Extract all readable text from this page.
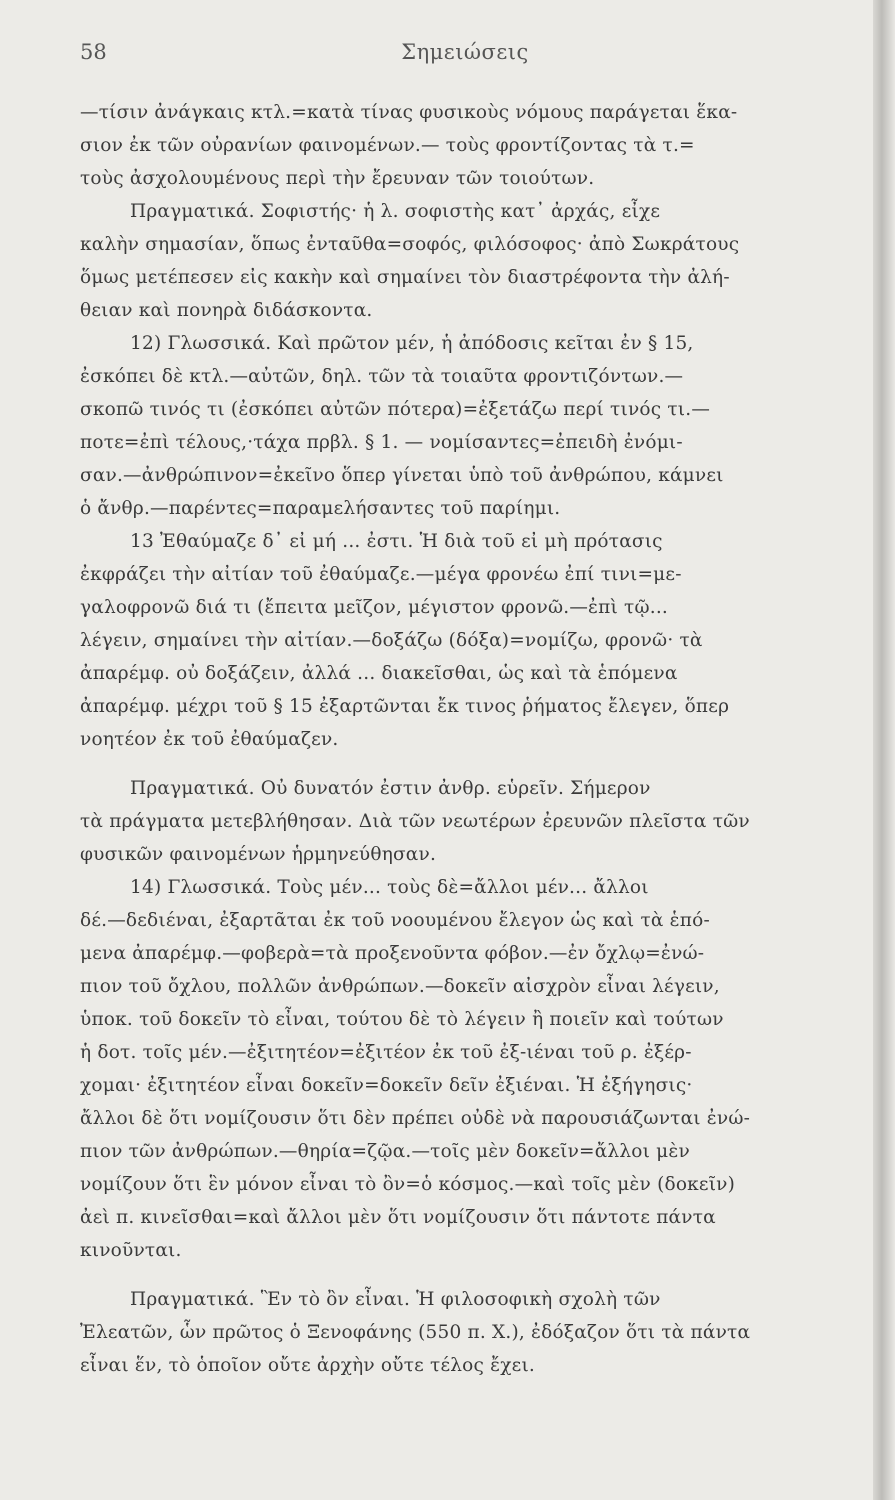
58	Σημειώσεις
—τίσιν ἀνάγκαις κτλ.=κατὰ τίνας φυσικοὺς νόμους παράγεται ἕκα-
σιον ἐκ τῶν οὐρανίων φαινομένων.— τοὺς φροντίζοντας τὰ τ.=
τοὺς ἀσχολουμένους περὶ τὴν ἔρευναν τῶν τοιούτων.
Πραγματικά. Σοφιστής· ἡ λ. σοφιστὴς κατ᾽ ἀρχάς, εἶχε
καλὴν σημασίαν, ὅπως ἐνταῦθα=σοφός, φιλόσοφος· ἀπὸ Σωκράτους
ὅμως μετέπεσεν εἰς κακὴν καὶ σημαίνει τὸν διαστρέφοντα τὴν ἀλή-
θειαν καὶ πονηρὰ διδάσκοντα.
12) Γλωσσικά. Καὶ πρῶτον μέν, ἡ ἀπόδοσις κεῖται ἐν § 15,
ἐσκόπει δὲ κτλ.—αὐτῶν, δηλ. τῶν τὰ τοιαῦτα φροντιζόντων.—
σκοπῶ τινός τι (ἐσκόπει αὐτῶν πότερα)=ἐξετάζω περί τινός τι.—
ποτε=ἐπὶ τέλους,·τάχα πρβλ. § 1. — νομίσαντες=ἐπειδὴ ἐνόμι-
σαν.—ἀνθρώπινον=ἐκεῖνο ὅπερ γίνεται ὑπὸ τοῦ ἀνθρώπου, κάμνει
ὁ ἄνθρ.—παρέντες=παραμελήσαντες τοῦ παρίημι.
13 Ἐθαύμαζε δ᾽ εἰ μή ... ἐστι. Ἡ διὰ τοῦ εἰ μὴ πρότασις
ἐκφράζει τὴν αἰτίαν τοῦ ἐθαύμαζε.—μέγα φρονέω ἐπί τινι=με-
γαλοφρονῶ διά τι (ἔπειτα μεῖζον, μέγιστον φρονῶ.—ἐπὶ τῷ...
λέγειν, σημαίνει τὴν αἰτίαν.—δοξάζω (δόξα)=νομίζω, φρονῶ· τὰ
ἀπαρέμφ. οὐ δοξάζειν, ἀλλά ... διακεῖσθαι, ὡς καὶ τὰ ἑπόμενα
ἀπαρέμφ. μέχρι τοῦ § 15 ἐξαρτῶνται ἔκ τινος ῥήματος ἔλεγεν, ὅπερ
νοητέον ἐκ τοῦ ἐθαύμαζεν.
Πραγματικά. Οὐ δυνατόν ἐστιν ἀνθρ. εὑρεῖν. Σήμερον
τὰ πράγματα μετεβλήθησαν. Διὰ τῶν νεωτέρων ἐρευνῶν πλεῖστα τῶν
φυσικῶν φαινομένων ἡρμηνεύθησαν.
14) Γλωσσικά. Τοὺς μέν... τοὺς δὲ=ἄλλοι μέν... ἄλλοι
δέ.—δεδιέναι, ἐξαρτᾶται ἐκ τοῦ νοουμένου ἔλεγον ὡς καὶ τὰ ἑπό-
μενα ἀπαρέμφ.—φοβερὰ=τὰ προξενοῦντα φόβον.—ἐν ὄχλῳ=ἐνώ-
πιον τοῦ ὄχλου, πολλῶν ἀνθρώπων.—δοκεῖν αἰσχρὸν εἶναι λέγειν,
ὑποκ. τοῦ δοκεῖν τὸ εἶναι, τούτου δὲ τὸ λέγειν ἢ ποιεῖν καὶ τούτων
ἡ δοτ. τοῖς μέν.—ἐξιτητέον=ἐξιτέον ἐκ τοῦ ἐξ-ιέναι τοῦ ρ. ἐξέρ-
χομαι· ἐξιτητέον εἶναι δοκεῖν=δοκεῖν δεῖν ἐξιέναι. Ἡ ἐξήγησις·
ἄλλοι δὲ ὅτι νομίζουσιν ὅτι δὲν πρέπει οὐδὲ νὰ παρουσιάζωνται ἐνώ-
πιον τῶν ἀνθρώπων.—θηρία=ζῷα.—τοῖς μὲν δοκεῖν=ἄλλοι μὲν
νομίζουν ὅτι ἓν μόνον εἶναι τὸ ὂν=ὁ κόσμος.—καὶ τοῖς μὲν (δοκεῖν)
ἀεὶ π. κινεῖσθαι=καὶ ἄλλοι μὲν ὅτι νομίζουσιν ὅτι πάντοτε πάντα
κινοῦνται.
Πραγματικά. Ἓν τὸ ὂν εἶναι. Ἡ φιλοσοφικὴ σχολὴ τῶν
Ἐλεατῶν, ὧν πρῶτος ὁ Ξενοφάνης (550 π. Χ.), ἐδόξαζον ὅτι τὰ πάντα
εἶναι ἕν, τὸ ὁποῖον οὔτε ἀρχὴν οὔτε τέλος ἔχει.
